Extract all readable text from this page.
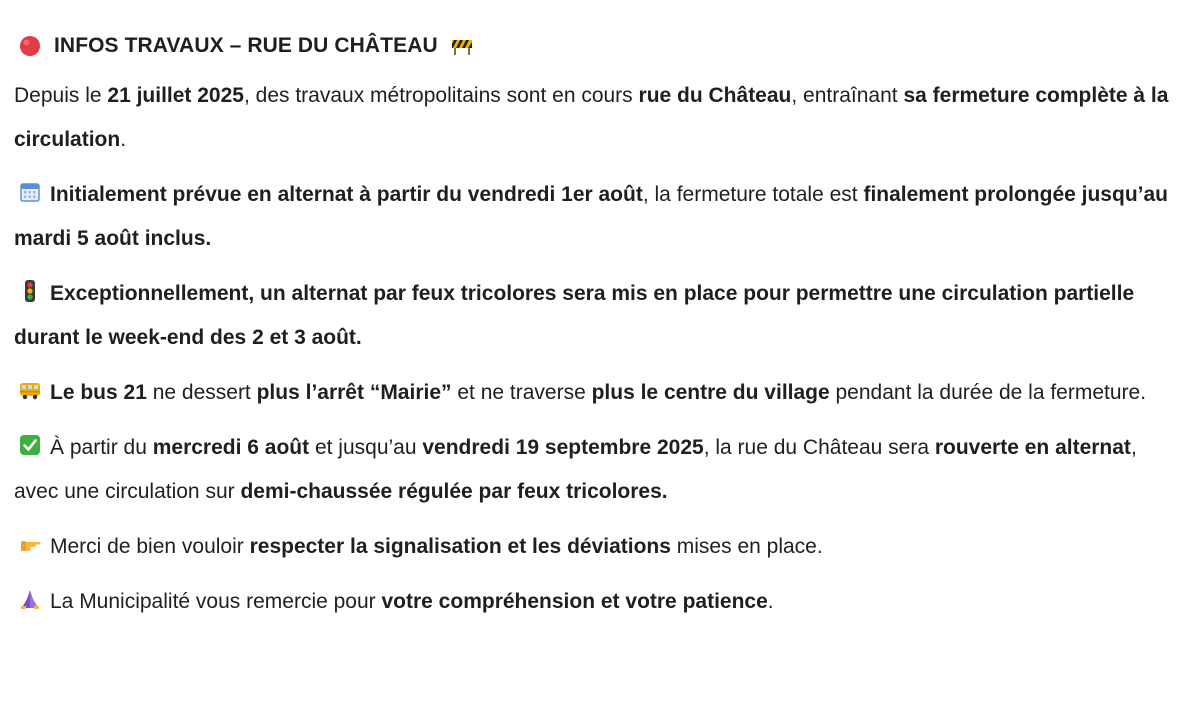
INFOS TRAVAUX – RUE DU CHÂTEAU

Depuis le 21 juillet 2025, des travaux métropolitains sont en cours rue du Château, entraînant sa fermeture complète à la circulation.

Initialement prévue en alternat à partir du vendredi 1er août, la fermeture totale est finalement prolongée jusqu’au mardi 5 août inclus.

Exceptionnellement, un alternat par feux tricolores sera mis en place pour permettre une circulation partielle durant le week-end des 2 et 3 août.

Le bus 21 ne dessert plus l’arrêt “Mairie” et ne traverse plus le centre du village pendant la durée de la fermeture.

À partir du mercredi 6 août et jusqu’au vendredi 19 septembre 2025, la rue du Château sera rouverte en alternat, avec une circulation sur demi-chaussée régulée par feux tricolores.

Merci de bien vouloir respecter la signalisation et les déviations mises en place.

La Municipalité vous remercie pour votre compréhension et votre patience.
